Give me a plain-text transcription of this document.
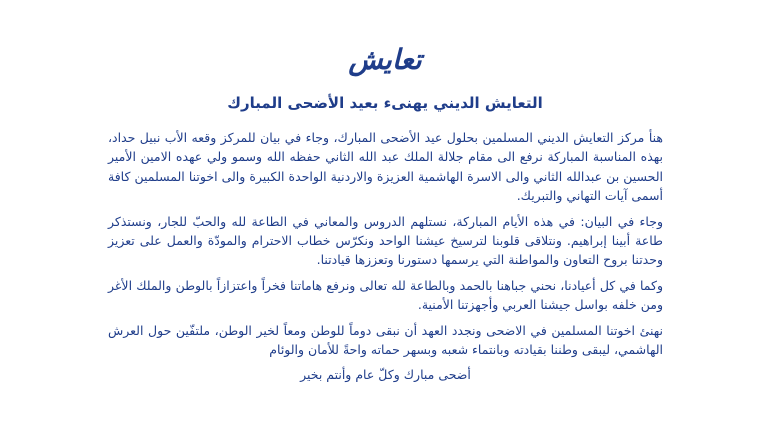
تعايش
التعايش الديني يهنىء بعيد الأضحى المبارك

هنأ مركز التعايش الديني المسلمين بحلول عيد الأضحى المبارك، وجاء في بيان للمركز وقعه الأب نبيل حداد، بهذه المناسبة المباركة نرفع الى مقام جلالة الملك عبد الله الثاني حفظه الله وسمو ولي عهده الامين الأمير الحسين بن عبدالله الثاني والى الاسرة الهاشمية العزيزة والاردنية الواحدة الكبيرة والى اخوتنا المسلمين كافة أسمى آيات التهاني والتبريك.

وجاء في البيان: في هذه الأيام المباركة، نستلهم الدروس والمعاني في الطاعة لله والحبّ للجار، ونستذكر طاعة أبينا إبراهيم. ونتلاقى قلوبنا لترسيخ عيشنا الواحد ونكرّس خطاب الاحترام والمودّة والعمل على تعزيز وحدتنا بروح التعاون والمواطنة التي يرسمها دستورنا وتعززها قيادتنا.

وكما في كل أعيادنا، نحني جباهنا بالحمد وبالطاعة لله تعالى ونرفع هاماتنا فخراً واعتزازاً بالوطن والملك الأغر ومن خلفه بواسل جيشنا العربي وأجهزتنا الأمنية.

نهنئ اخوتنا المسلمين في الاضحى ونجدد العهد أن نبقى دوماً للوطن ومعاً لخير الوطن، ملتفّين حول العرش الهاشمي، ليبقى وطننا بقيادته وبانتماء شعبه وبسهر حماته واحةً للأمان والوئام

أضحى مبارك وكلّ عام وأنتم بخير
